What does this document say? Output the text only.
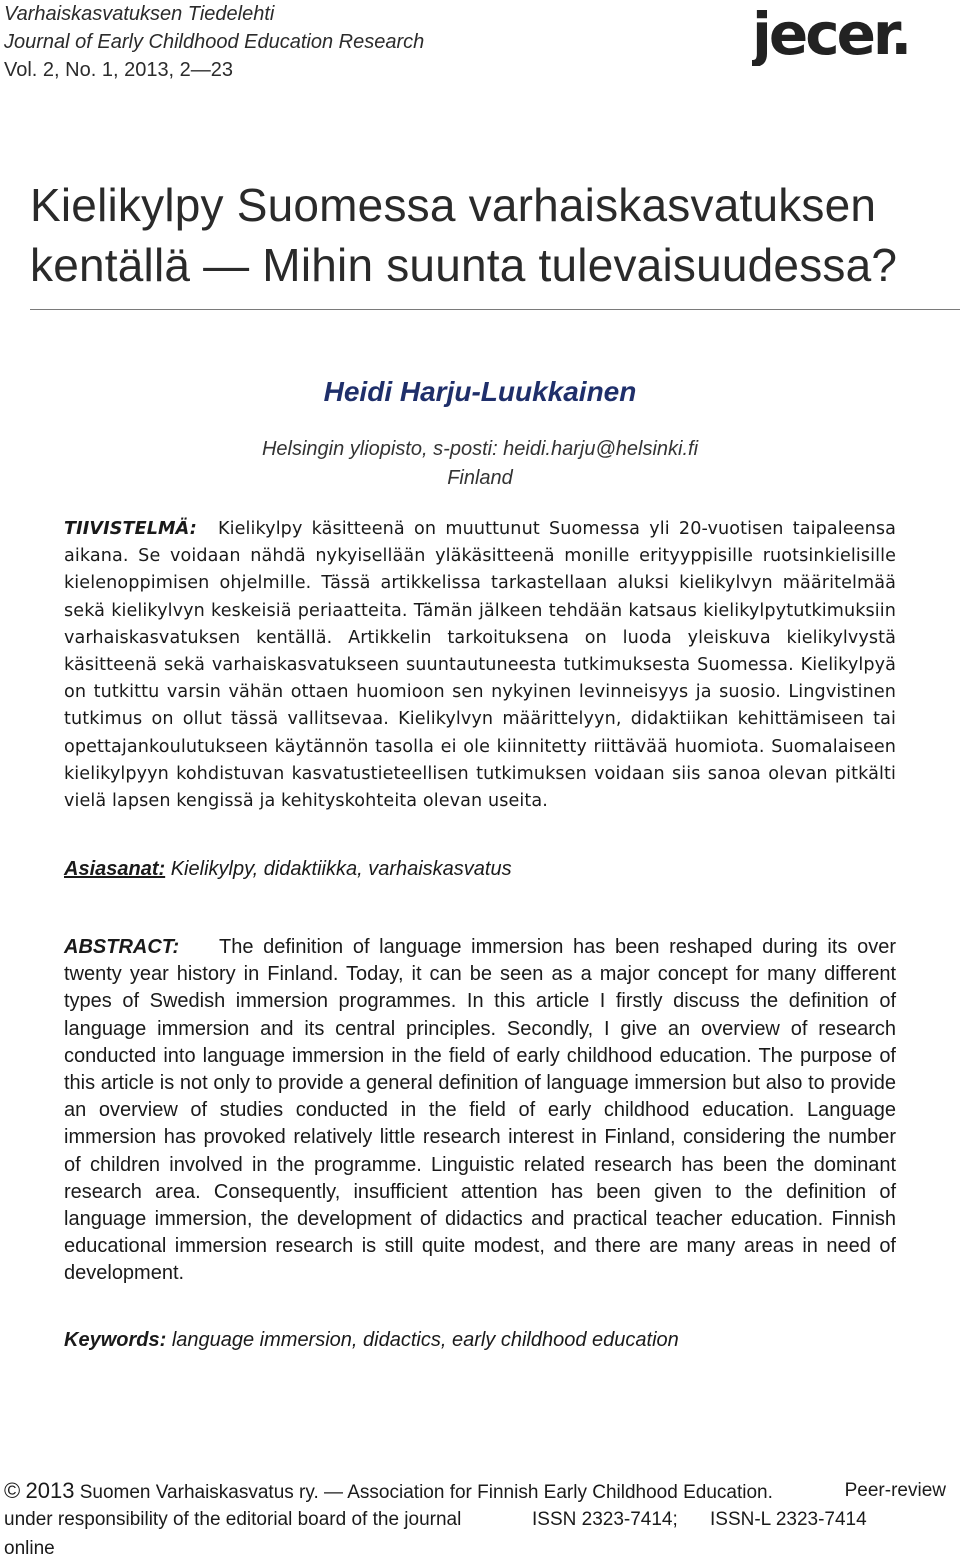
Varhaiskasvatuksen Tiedelehti
Journal of Early Childhood Education Research
Vol. 2, No. 1, 2013, 2—23
jecer.
Kielikylpy Suomessa varhaiskasvatuksen
kentällä — Mihin suunta tulevaisuudessa?
Heidi Harju-Luukkainen
Helsingin yliopisto, s-posti: heidi.harju@helsinki.fi
Finland
TIIVISTELMÄ: Kielikylpy käsitteenä on muuttunut Suomessa yli 20-vuotisen taipaleensa aikana. Se voidaan nähdä nykyisellään yläkäsitteenä monille erityyppisille ruotsinkielisille kielenoppimisen ohjelmille. Tässä artikkelissa tarkastellaan aluksi kielikylvyn määritelmää sekä kielikylvyn keskeisiä periaatteita. Tämän jälkeen tehdään katsaus kielikylpytutkimuksiin varhaiskasvatuksen kentällä. Artikkelin tarkoituksena on luoda yleiskuva kielikylvystä käsitteenä sekä varhaiskasvatukseen suuntautuneesta tutkimuksesta Suomessa. Kielikylpyä on tutkittu varsin vähän ottaen huomioon sen nykyinen levinneisyys ja suosio. Lingvistinen tutkimus on ollut tässä vallitsevaa. Kielikylvyn määrittelyyn, didaktiikan kehittämiseen tai opettajankoulutukseen käytännön tasolla ei ole kiinnitetty riittävää huomiota. Suomalaiseen kielikylpyyn kohdistuvan kasvatustieteellisen tutkimuksen voidaan siis sanoa olevan pitkälti vielä lapsen kengissä ja kehityskohteita olevan useita.
Asiasanat: Kielikylpy, didaktiikka, varhaiskasvatus
ABSTRACT: The definition of language immersion has been reshaped during its over twenty year history in Finland. Today, it can be seen as a major concept for many different types of Swedish immersion programmes. In this article I firstly discuss the definition of language immersion and its central principles. Secondly, I give an overview of research conducted into language immersion in the field of early childhood education. The purpose of this article is not only to provide a general definition of language immersion but also to provide an overview of studies conducted in the field of early childhood education. Language immersion has provoked relatively little research interest in Finland, considering the number of children involved in the programme. Linguistic related research has been the dominant research area. Consequently, insufficient attention has been given to the definition of language immersion, the development of didactics and practical teacher education. Finnish educational immersion research is still quite modest, and there are many areas in need of development.
Keywords: language immersion, didactics, early childhood education
© 2013 Suomen Varhaiskasvatus ry. — Association for Finnish Early Childhood Education.	Peer-review
under responsibility of the editorial board of the journal	ISSN 2323-7414; ISSN-L 2323-7414
online
